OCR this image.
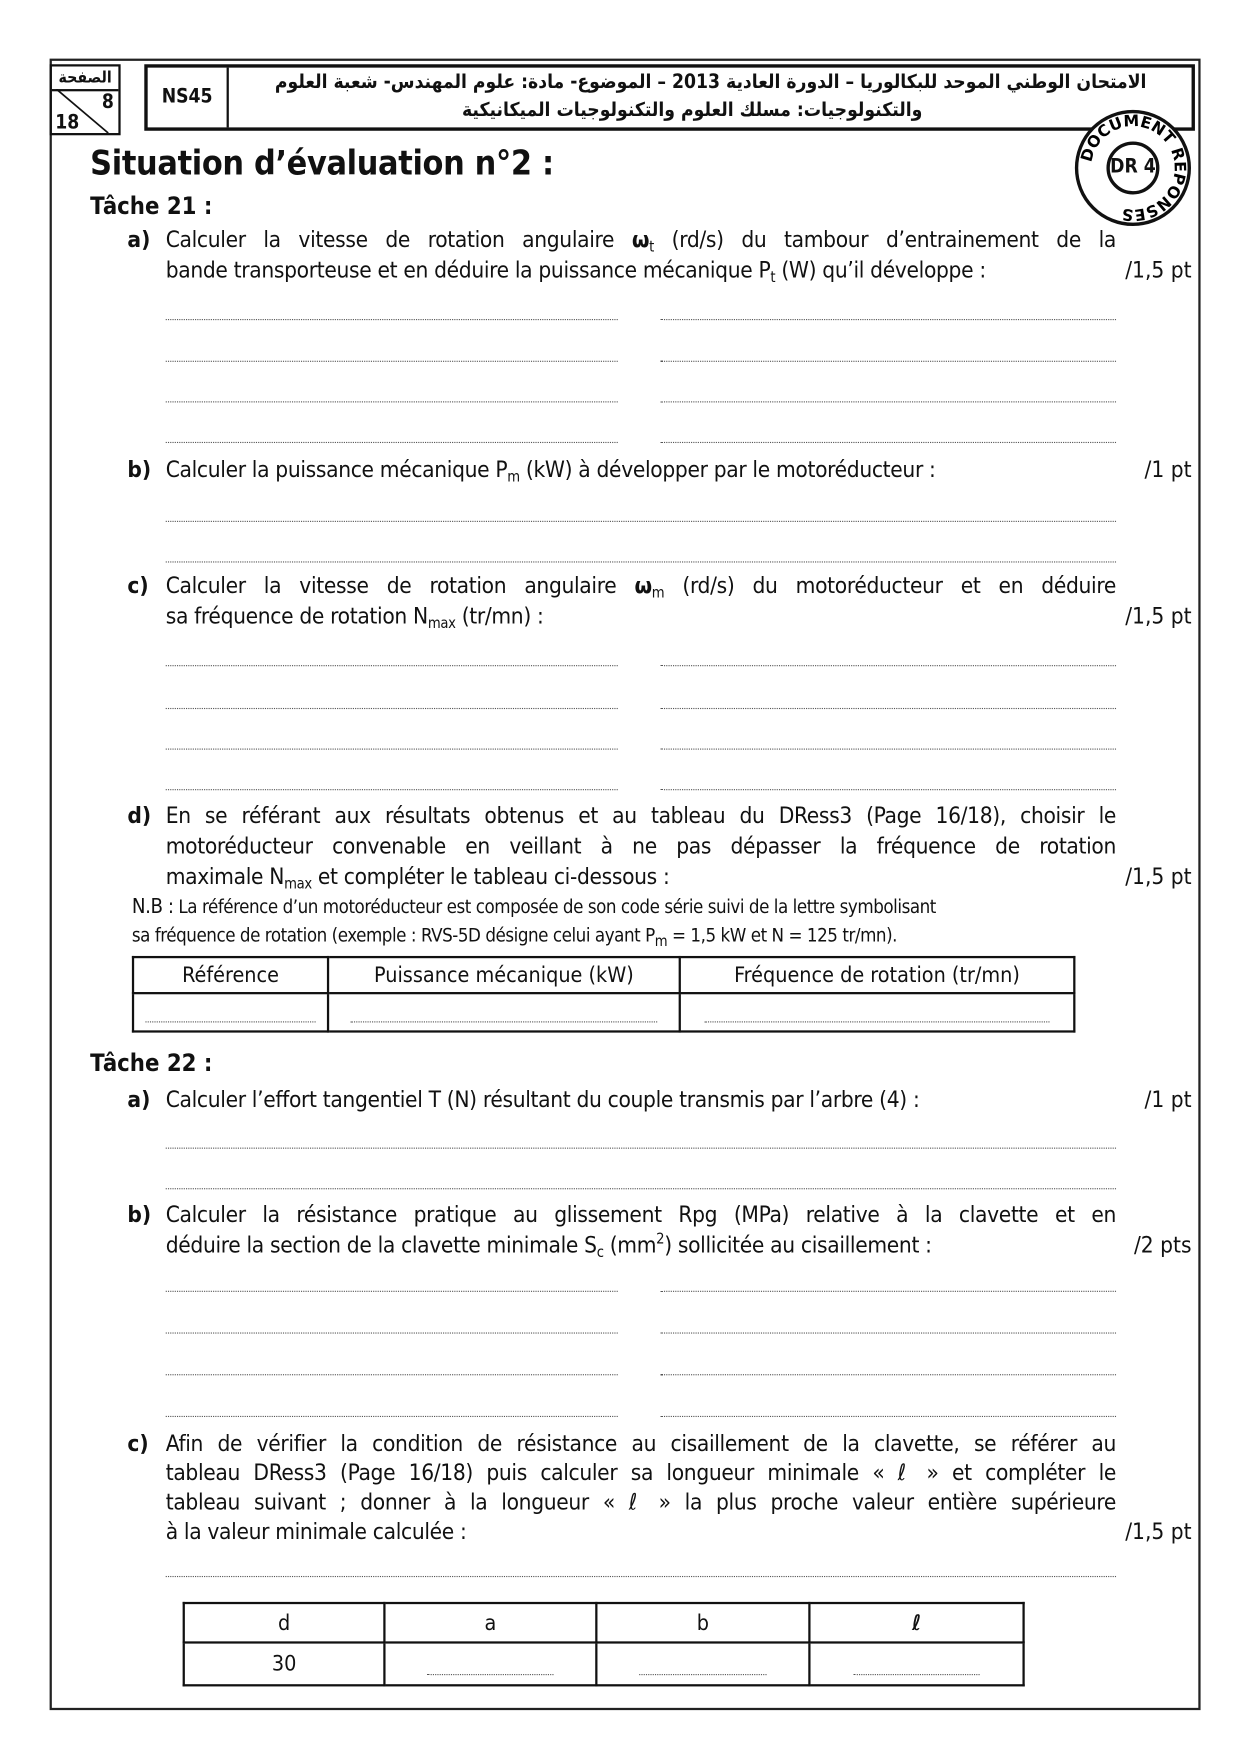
الصفحة
8
18
NS45
الامتحان الوطني الموحد للبكالوريا – الدورة العادية 2013 – الموضوع- مادة: علوم المهندس- شعبة العلوم
والتكنولوجيات: مسلك العلوم والتكنولوجيات الميكانيكية
DOCUMENT REPONSES
DR 4
Situation d’évaluation n°2 :
Tâche 21 :
a) Calculer la vitesse de rotation angulaire $\omega_t$ (rd/s) du tambour d’entrainement de la
bande transporteuse et en déduire la puissance mécanique $P_t$ (W) qu’il développe :	/1,5 pt
b) Calculer la puissance mécanique $P_m$ (kW) à développer par le motoréducteur :	/1 pt
c) Calculer la vitesse de rotation angulaire $\omega_m$ (rd/s) du motoréducteur et en déduire
sa fréquence de rotation $N_{max}$ (tr/mn) :	/1,5 pt
d) En se référant aux résultats obtenus et au tableau du DRess3 (Page 16/18), choisir le
motoréducteur convenable en veillant à ne pas dépasser la fréquence de rotation
maximale $N_{max}$ et compléter le tableau ci-dessous :	/1,5 pt
N.B : La référence d’un motoréducteur est composée de son code série suivi de la lettre symbolisant
sa fréquence de rotation (exemple : RVS-5D désigne celui ayant $P_m = 1,5$ kW et N = 125 tr/mn).
Référence	Puissance mécanique (kW)	Fréquence de rotation (tr/mn)

Tâche 22 :
a) Calculer l’effort tangentiel T (N) résultant du couple transmis par l’arbre (4) :	/1 pt
b) Calculer la résistance pratique au glissement Rpg (MPa) relative à la clavette et en
déduire la section de la clavette minimale $S_c$ $(mm^2)$ sollicitée au cisaillement :	/2 pts
c) Afin de vérifier la condition de résistance au cisaillement de la clavette, se référer au
tableau DRess3 (Page 16/18) puis calculer sa longueur minimale « ℓ » et compléter le
tableau suivant ; donner à la longueur « ℓ » la plus proche valeur entière supérieure
à la valeur minimale calculée :	/1,5 pt
d	a	b	ℓ
30			
